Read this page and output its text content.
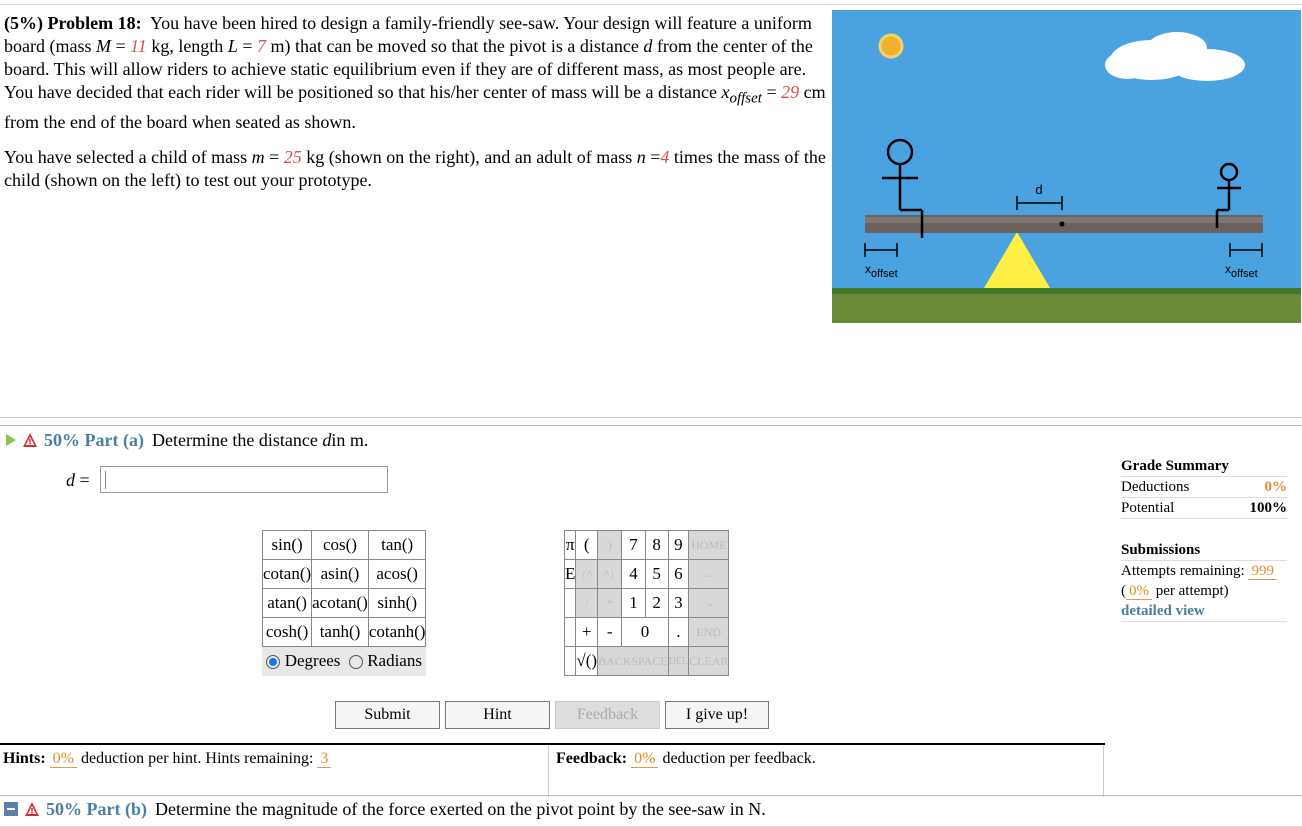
(5%) Problem 18: You have been hired to design a family-friendly see-saw. Your design will feature a uniform board (mass M = 11 kg, length L = 7 m) that can be moved so that the pivot is a distance d from the center of the board. This will allow riders to achieve static equilibrium even if they are of different mass, as most people are. You have decided that each rider will be positioned so that his/her center of mass will be a distance $x_{offset} = 29$ cm from the end of the board when seated as shown.

You have selected a child of mass m = 25 kg (shown on the right), and an adult of mass n =4 times the mass of the child (shown on the left) to test out your prototype.	d
xoffset	xoffset
50% Part (a) Determine the distance
d in m.
d =
sin()	cos()	tan()
cotan()	asin()	acos()
atan()	acotan()	sinh()
cosh()	tanh()	cotanh()

Degrees Radians		
π	(	)	7	8	9	HOME
E	↑^	^↓	4	5	6	←
	/	*	1	2	3	→
	+	-	0		.	END
	√()	BACKSPACE			DEL	CLEAR
Submit	Hint	Feedback	I give up!
Hints: 0% deduction per hint. Hints remaining: 3	Feedback: 0% deduction per feedback.
Grade Summary
Deductions	0%
Potential	100%
Submissions
Attempts remaining: 999
( 0% per attempt)
detailed view
50% Part (b) Determine the magnitude of the force exerted on the pivot point by the see-saw in N.
